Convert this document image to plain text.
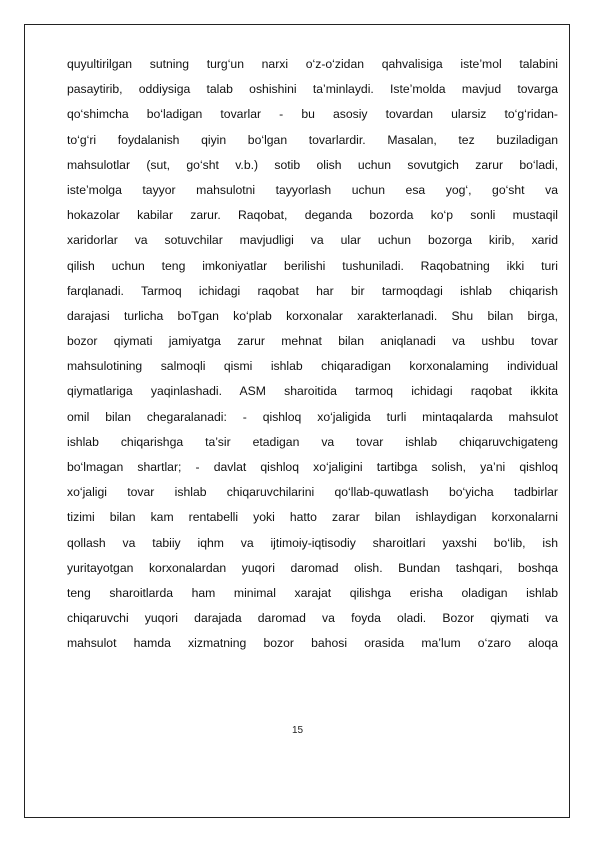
quyultirilgan sutning turg‘un narxi o‘z-o‘zidan qahvalisiga iste’mol talabini
pasaytirib, oddiysiga talab oshishini ta’minlaydi. Iste’molda mavjud tovarga
qo‘shimcha bo‘ladigan tovarlar - bu asosiy tovardan ularsiz to‘g‘ridan-
to‘g‘ri foydalanish qiyin bo‘lgan tovarlardir. Masalan, tez buziladigan
mahsulotlar (sut, go‘sht v.b.) sotib olish uchun sovutgich zarur bo‘ladi,
iste’molga tayyor mahsulotni tayyorlash uchun esa yog‘, go‘sht va
hokazolar kabilar zarur. Raqobat, deganda bozorda ko‘p sonli mustaqil
xaridorlar va sotuvchilar mavjudligi va ular uchun bozorga kirib, xarid
qilish uchun teng imkoniyatlar berilishi tushuniladi. Raqobatning ikki turi
farqlanadi. Tarmoq ichidagi raqobat har bir tarmoqdagi ishlab chiqarish
darajasi turlicha boTgan ko‘plab korxonalar xarakterlanadi. Shu bilan birga,
bozor qiymati jamiyatga zarur mehnat bilan aniqlanadi va ushbu tovar
mahsulotining salmoqli qismi ishlab chiqaradigan korxonalaming individual
qiymatlariga yaqinlashadi. ASM sharoitida tarmoq ichidagi raqobat ikkita
omil bilan chegaralanadi: - qishloq xo‘jaligida turli mintaqalarda mahsulot
ishlab chiqarishga ta’sir etadigan va tovar ishlab chiqaruvchigateng
bo‘lmagan shartlar; - davlat qishloq xo‘jaligini tartibga solish, ya’ni qishloq
xo‘jaligi tovar ishlab chiqaruvchilarini qo‘llab-quwatlash bo‘yicha tadbirlar
tizimi bilan kam rentabelli yoki hatto zarar bilan ishlaydigan korxonalarni
qollash va tabiiy iqhm va ijtimoiy-iqtisodiy sharoitlari yaxshi bo‘lib, ish
yuritayotgan korxonalardan yuqori daromad olish. Bundan tashqari, boshqa
teng sharoitlarda ham minimal xarajat qilishga erisha oladigan ishlab
chiqaruvchi yuqori darajada daromad va foyda oladi. Bozor qiymati va
mahsulot hamda xizmatning bozor bahosi orasida ma’lum o‘zaro aloqa
15
